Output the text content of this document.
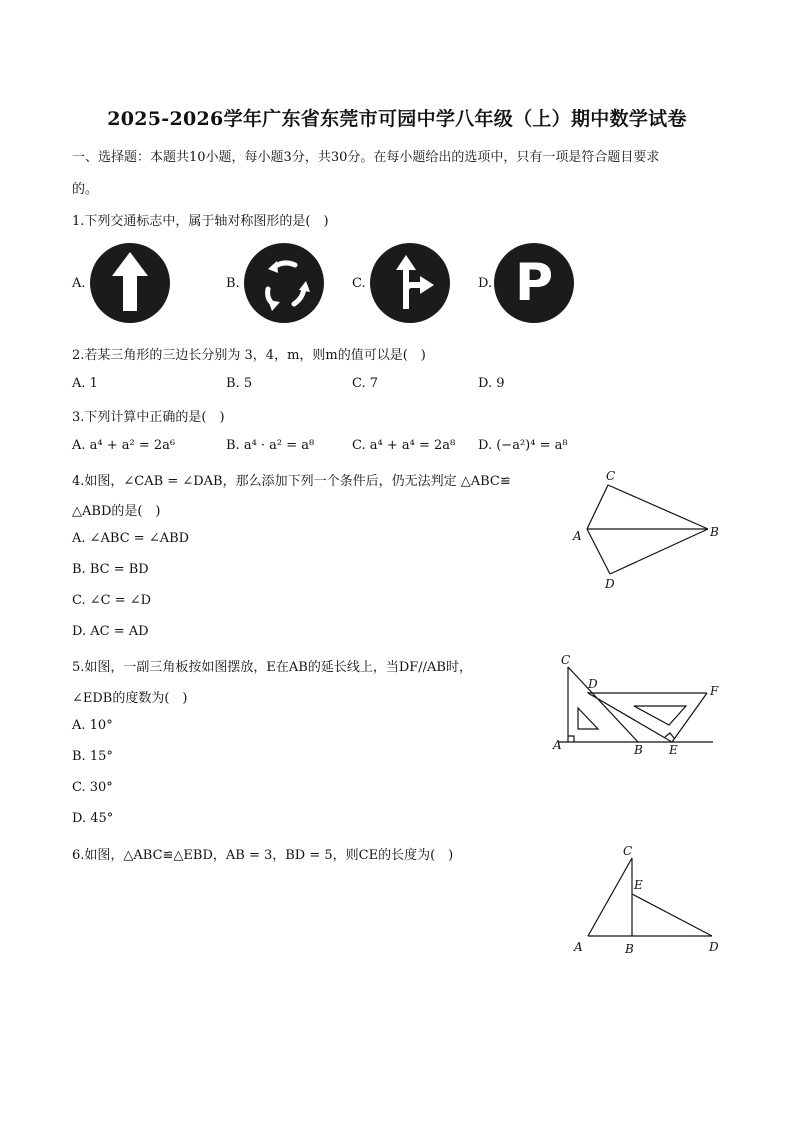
2025-2026学年广东省东莞市可园中学八年级（上）期中数学试卷
一、选择题：本题共10小题，每小题3分，共30分。在每小题给出的选项中，只有一项是符合题目要求
的。
1.下列交通标志中，属于轴对称图形的是(　)
A.	B.	C.	D. P
2.若某三角形的三边长分别为 3，4，m，则m的值可以是(　)
A. 1	B. 5	C. 7	D. 9
3.下列计算中正确的是(　)
A. a⁴ + a² = 2a⁶	B. a⁴ · a² = a⁸	C. a⁴ + a⁴ = 2a⁸ D. (−a²)⁴ = a⁸
4.如图，∠CAB = ∠DAB，那么添加下列一个条件后，仍无法判定 △ABC≌
△ABD的是(　)
A. ∠ABC = ∠ABD
B. BC = BD
C. ∠C = ∠D
D. AC = AD
C
A	B
D
5.如图，一副三角板按如图摆放，E在AB的延长线上，当DF//AB时，
∠EDB的度数为(　)
A. 10°
B. 15°
C. 30°
D. 45°
C
D	F
A	B E
6.如图，△ABC≌△EBD，AB = 3，BD = 5，则CE的长度为(　)	C
E
A	B	D
